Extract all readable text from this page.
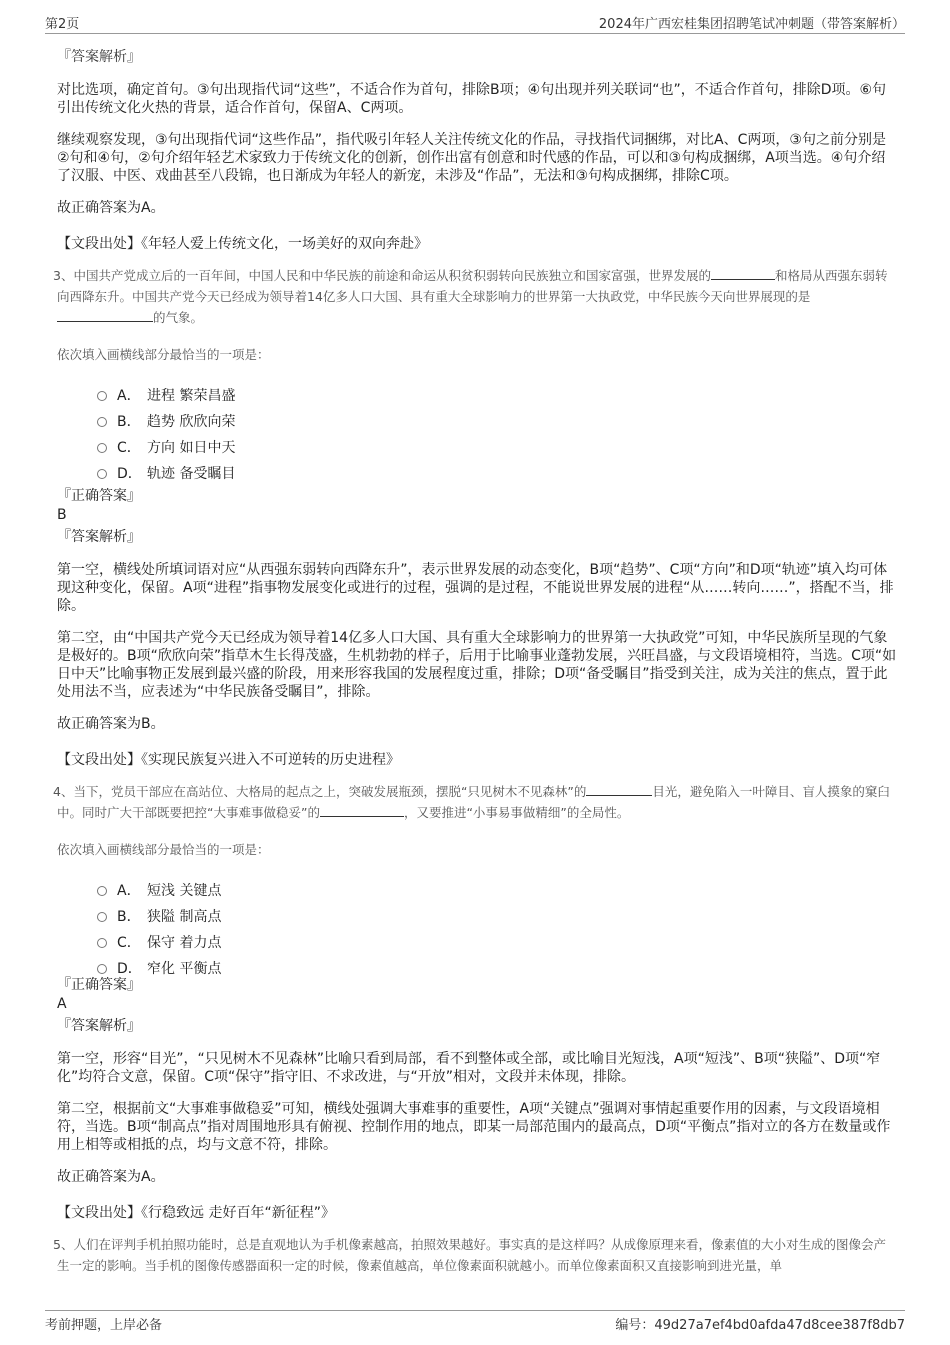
第2页	2024年广西宏桂集团招聘笔试冲刺题（带答案解析）
『答案解析』

对比选项，确定首句。③句出现指代词“这些”，不适合作为首句，排除B项；④句出现并列关联词“也”，不适合作首句，排除D项。⑥句引出传统文化火热的背景，适合作首句，保留A、C两项。

继续观察发现，③句出现指代词“这些作品”，指代吸引年轻人关注传统文化的作品，寻找指代词捆绑，对比A、C两项，③句之前分别是②句和④句，②句介绍年轻艺术家致力于传统文化的创新，创作出富有创意和时代感的作品，可以和③句构成捆绑，A项当选。④句介绍了汉服、中医、戏曲甚至八段锦，也日渐成为年轻人的新宠，未涉及“作品”，无法和③句构成捆绑，排除C项。

故正确答案为A。

【文段出处】《年轻人爱上传统文化，一场美好的双向奔赴》

3、中国共产党成立后的一百年间，中国人民和中华民族的前途和命运从积贫积弱转向民族独立和国家富强，世界发展的	和格局从西强东弱转向西降东升。中国共产党今天已经成为领导着14亿多人口大国、具有重大全球影响力的世界第一大执政党，中华民族今天向世界展现的是的气象。
依次填入画横线部分最恰当的一项是：
A． 进程 繁荣昌盛
B． 趋势 欣欣向荣
C． 方向 如日中天
D． 轨迹 备受瞩目
『正确答案』
B
『答案解析』

第一空，横线处所填词语对应“从西强东弱转向西降东升”，表示世界发展的动态变化，B项“趋势”、C项“方向”和D项“轨迹”填入均可体现这种变化，保留。A项“进程”指事物发展变化或进行的过程，强调的是过程，不能说世界发展的进程“从……转向……”，搭配不当，排除。

第二空，由“中国共产党今天已经成为领导着14亿多人口大国、具有重大全球影响力的世界第一大执政党”可知，中华民族所呈现的气象是极好的。B项“欣欣向荣”指草木生长得茂盛，生机勃勃的样子，后用于比喻事业蓬勃发展，兴旺昌盛，与文段语境相符，当选。C项“如日中天”比喻事物正发展到最兴盛的阶段，用来形容我国的发展程度过重，排除；D项“备受瞩目”指受到关注，成为关注的焦点，置于此处用法不当，应表述为“中华民族备受瞩目”，排除。

故正确答案为B。

【文段出处】《实现民族复兴进入不可逆转的历史进程》

4、当下，党员干部应在高站位、大格局的起点之上，突破发展瓶颈，摆脱“只见树木不见森林”的	目光，避免陷入一叶障目、盲人摸象的窠臼中。同时广大干部既要把控“大事难事做稳妥”的	，又要推进“小事易事做精细”的全局性。
依次填入画横线部分最恰当的一项是：
A． 短浅 关键点
B． 狭隘 制高点
C． 保守 着力点
D． 窄化 平衡点
『正确答案』
A
『答案解析』

第一空，形容“目光”，“只见树木不见森林”比喻只看到局部，看不到整体或全部，或比喻目光短浅，A项“短浅”、B项“狭隘”、D项“窄化”均符合文意，保留。C项“保守”指守旧、不求改进，与“开放”相对，文段并未体现，排除。

第二空，根据前文“大事难事做稳妥”可知，横线处强调大事难事的重要性，A项“关键点”强调对事情起重要作用的因素，与文段语境相符，当选。B项“制高点”指对周围地形具有俯视、控制作用的地点，即某一局部范围内的最高点，D项“平衡点”指对立的各方在数量或作用上相等或相抵的点，均与文意不符，排除。

故正确答案为A。

【文段出处】《行稳致远 走好百年“新征程”》

5、人们在评判手机拍照功能时，总是直观地认为手机像素越高，拍照效果越好。事实真的是这样吗？从成像原理来看，像素值的大小对生成的图像会产生一定的影响。当手机的图像传感器面积一定的时候，像素值越高，单位像素面积就越小。而单位像素面积又直接影响到进光量，单
考前押题，上岸必备	编号：49d27a7ef4bd0afda47d8cee387f8db7
